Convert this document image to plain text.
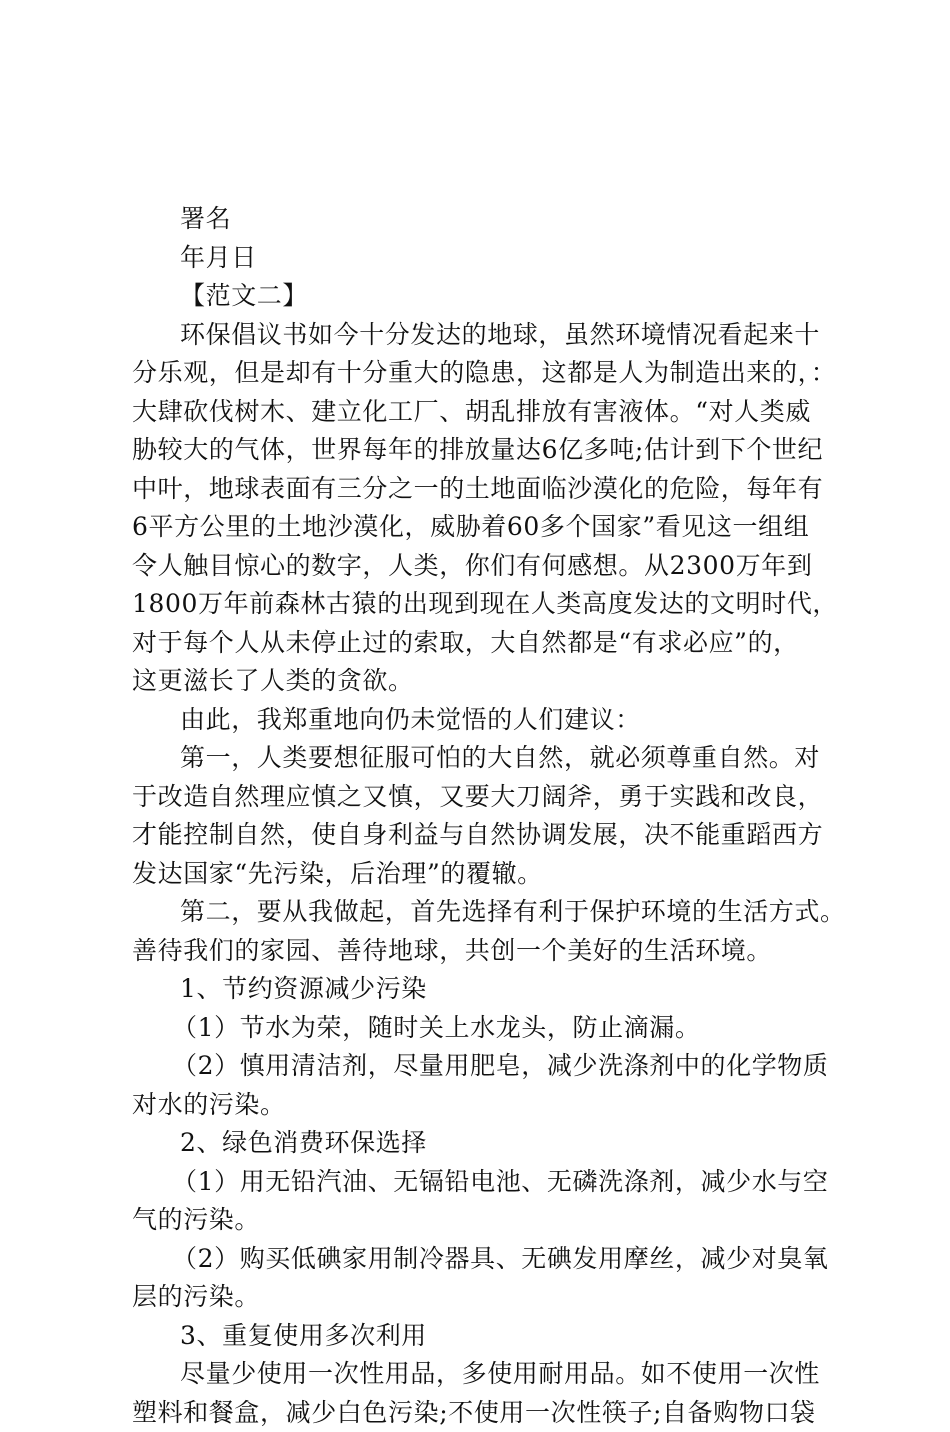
署名
年月日
【范文二】
环保倡议书如今十分发达的地球，虽然环境情况看起来十
分乐观，但是却有十分重大的隐患，这都是人为制造出来的，：
大肆砍伐树木、建立化工厂、胡乱排放有害液体。“对人类威
胁较大的气体，世界每年的排放量达6亿多吨;估计到下个世纪
中叶，地球表面有三分之一的土地面临沙漠化的危险，每年有
6平方公里的土地沙漠化，威胁着60多个国家”看见这一组组
令人触目惊心的数字，人类，你们有何感想。从2300万年到
1800万年前森林古猿的出现到现在人类高度发达的文明时代，
对于每个人从未停止过的索取，大自然都是“有求必应”的，
这更滋长了人类的贪欲。
由此，我郑重地向仍未觉悟的人们建议：
第一，人类要想征服可怕的大自然，就必须尊重自然。对
于改造自然理应慎之又慎，又要大刀阔斧，勇于实践和改良，
才能控制自然，使自身利益与自然协调发展，决不能重蹈西方
发达国家“先污染，后治理”的覆辙。
第二，要从我做起，首先选择有利于保护环境的生活方式。
善待我们的家园、善待地球，共创一个美好的生活环境。
1、节约资源减少污染
（1）节水为荣，随时关上水龙头，防止滴漏。
（2）慎用清洁剂，尽量用肥皂，减少洗涤剂中的化学物质
对水的污染。
2、绿色消费环保选择
（1）用无铅汽油、无镉铅电池、无磷洗涤剂，减少水与空
气的污染。
（2）购买低碘家用制冷器具、无碘发用摩丝，减少对臭氧
层的污染。
3、重复使用多次利用
尽量少使用一次性用品，多使用耐用品。如不使用一次性
塑料和餐盒，减少白色污染;不使用一次性筷子;自备购物口袋
